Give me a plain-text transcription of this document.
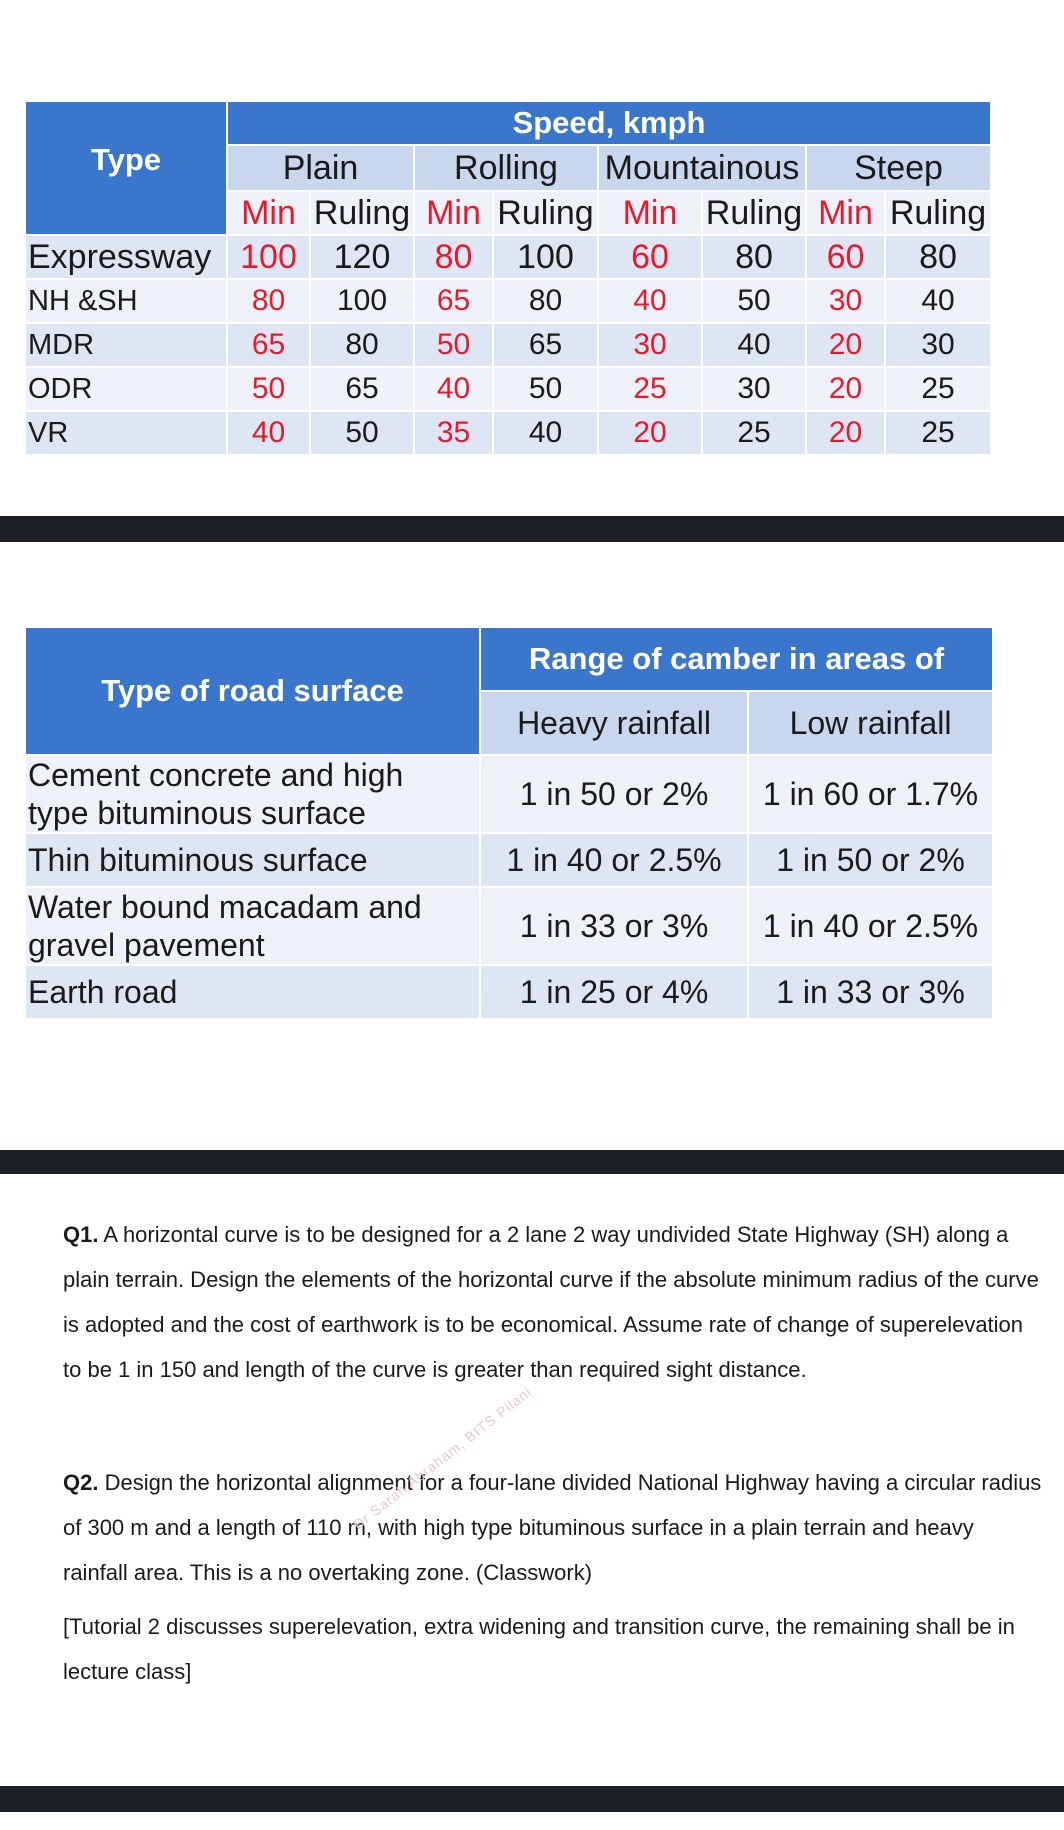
Type	Speed, kmph							
	Plain		Rolling		Mountainous		Steep	
	Min	Ruling	Min	Ruling	Min	Ruling	Min	Ruling
Expressway	100	120	80	100	60	80	60	80
NH &SH	80	100	65	80	40	50	30	40
MDR	65	80	50	65	30	40	20	30
ODR	50	65	40	50	25	30	20	25
VR	40	50	35	40	20	25	20	25
Type of road surface	Range of camber in areas of	
	Heavy rainfall	Low rainfall

Cement concrete and high
type bituminous surface	1 in 50 or 2%	1 in 60 or 1.7%

Thin bituminous surface	1 in 40 or 2.5%	1 in 50 or 2%

Water bound macadam and
gravel pavement	1 in 33 or 3%	1 in 40 or 2.5%

Earth road	1 in 25 or 4%	1 in 33 or 3%
Q1. A horizontal curve is to be designed for a 2 lane 2 way undivided State Highway (SH) along a plain terrain. Design the elements of the horizontal curve if the absolute minimum radius of the curve is adopted and the cost of earthwork is to be economical. Assume rate of change of superelevation to be 1 in 150 and length of the curve is greater than required sight distance.
Q2. Design the horizontal alignment for a four-lane divided National Highway having a circular radius of 300 m and a length of 110 m, with high type bituminous surface in a plain terrain and heavy rainfall area. This is a no overtaking zone. (Classwork)
[Tutorial 2 discusses superelevation, extra widening and transition curve, the remaining shall be in lecture class]
Dr Sarah Abraham, BITS Pilani
